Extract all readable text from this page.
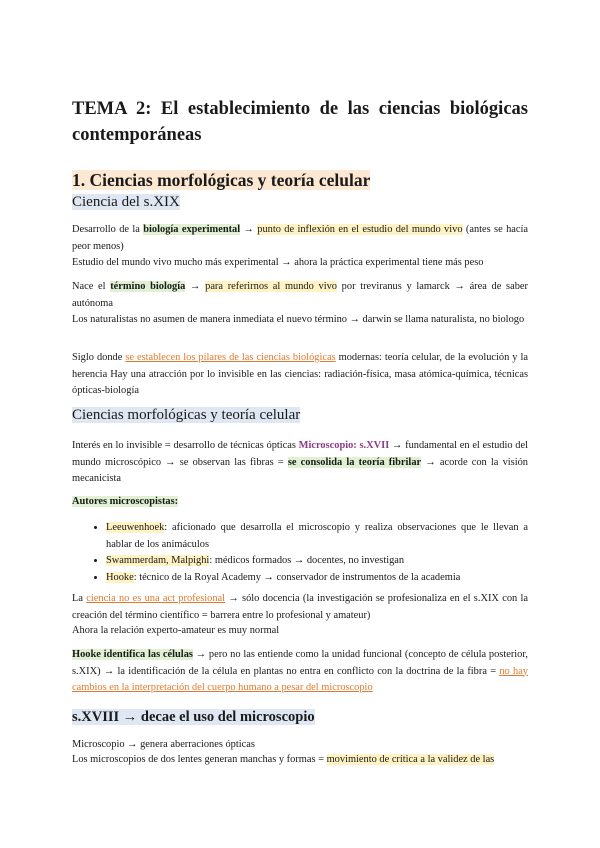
TEMA 2: El establecimiento de las ciencias biológicas contemporáneas
1. Ciencias morfológicas y teoría celular
Ciencia del s.XIX
Desarrollo de la biología experimental → punto de inflexión en el estudio del mundo vivo (antes se hacía peor menos)
Estudio del mundo vivo mucho más experimental → ahora la práctica experimental tiene más peso
Nace el término biología → para referirnos al mundo vivo por treviranus y lamarck → área de saber autónoma
Los naturalistas no asumen de manera inmediata el nuevo término → darwin se llama naturalista, no biologo
Siglo donde se establecen los pilares de las ciencias biológicas modernas: teoría celular, de la evolución y la herencia Hay una atracción por lo invisible en las ciencias: radiación-física, masa atómica-química, técnicas ópticas-biología
Ciencias morfológicas y teoría celular
Interés en lo invisible = desarrollo de técnicas ópticas Microscopio: s.XVII → fundamental en el estudio del mundo microscópico → se observan las fibras = se consolida la teoría fibrilar → acorde con la visión mecanicista
Autores microscopistas:
• Leeuwenhoek: aficionado que desarrolla el microscopio y realiza observaciones que le llevan a hablar de los animáculos
• Swammerdam, Malpighi: médicos formados → docentes, no investigan
• Hooke: técnico de la Royal Academy → conservador de instrumentos de la academia
La ciencia no es una act profesional → sólo docencia (la investigación se profesionaliza en el s.XIX con la creación del término científico = barrera entre lo profesional y amateur)
Ahora la relación experto-amateur es muy normal
Hooke identifica las células → pero no las entiende como la unidad funcional (concepto de célula posterior, s.XIX) → la identificación de la célula en plantas no entra en conflicto con la doctrina de la fibra = no hay cambios en la interpretación del cuerpo humano a pesar del microscopio
s.XVIII → decae el uso del microscopio
Microscopio → genera aberraciones ópticas
Los microscopios de dos lentes generan manchas y formas = movimiento de crítica a la validez de las
